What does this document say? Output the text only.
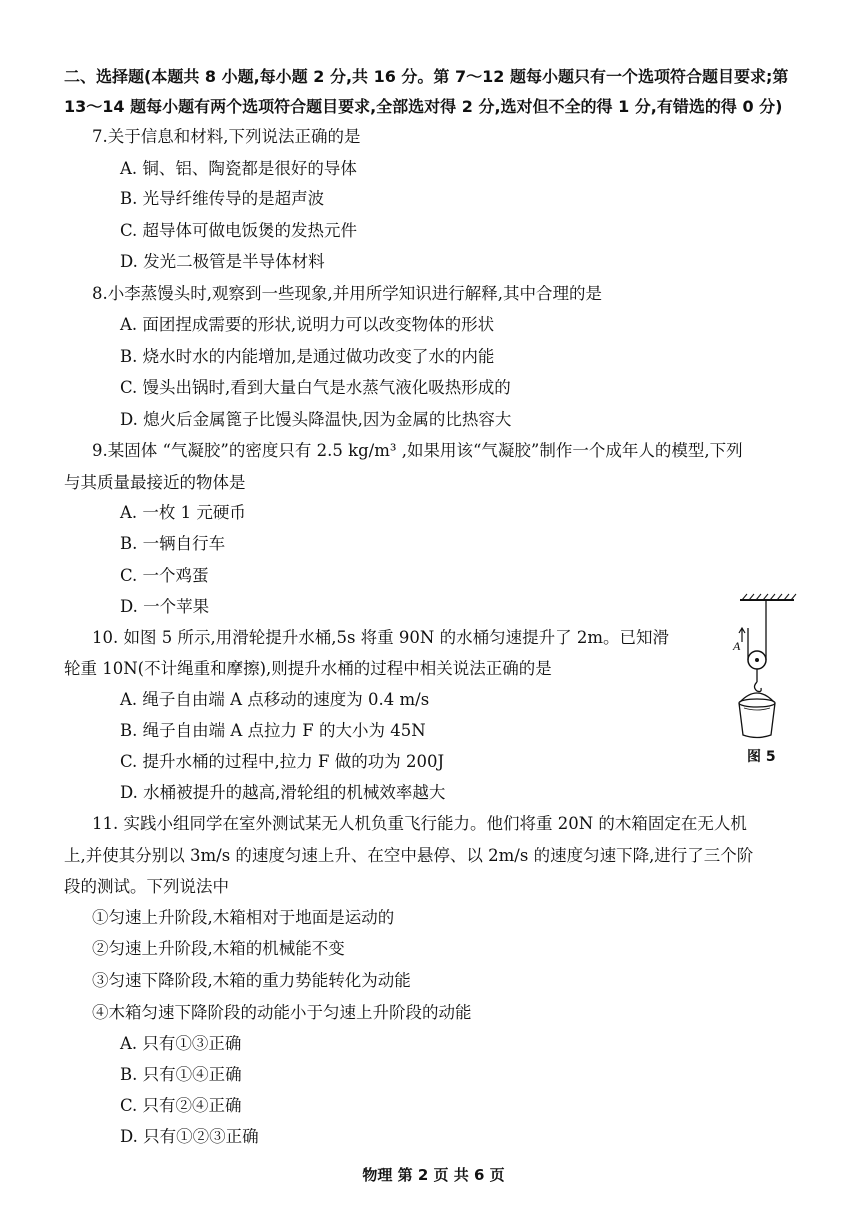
二、选择题(本题共 8 小题,每小题 2 分,共 16 分。第 7～12 题每小题只有一个选项符合题目要求;第
13～14 题每小题有两个选项符合题目要求,全部选对得 2 分,选对但不全的得 1 分,有错选的得 0 分)
7.关于信息和材料,下列说法正确的是
A. 铜、铝、陶瓷都是很好的导体
B. 光导纤维传导的是超声波
C. 超导体可做电饭煲的发热元件
D. 发光二极管是半导体材料
8.小李蒸馒头时,观察到一些现象,并用所学知识进行解释,其中合理的是
A. 面团捏成需要的形状,说明力可以改变物体的形状
B. 烧水时水的内能增加,是通过做功改变了水的内能
C. 馒头出锅时,看到大量白气是水蒸气液化吸热形成的
D. 熄火后金属篦子比馒头降温快,因为金属的比热容大
9.某固体 “气凝胶”的密度只有 2.5 kg/m³ ,如果用该“气凝胶”制作一个成年人的模型,下列
与其质量最接近的物体是
A. 一枚 1 元硬币
B. 一辆自行车
C. 一个鸡蛋
D. 一个苹果
10. 如图 5 所示,用滑轮提升水桶,5s 将重 90N 的水桶匀速提升了 2m。已知滑
轮重 10N(不计绳重和摩擦),则提升水桶的过程中相关说法正确的是
A. 绳子自由端 A 点移动的速度为 0.4 m/s
B. 绳子自由端 A 点拉力 F 的大小为 45N
C. 提升水桶的过程中,拉力 F 做的功为 200J
D. 水桶被提升的越高,滑轮组的机械效率越大
A
图 5
11. 实践小组同学在室外测试某无人机负重飞行能力。他们将重 20N 的木箱固定在无人机
上,并使其分别以 3m/s 的速度匀速上升、在空中悬停、以 2m/s 的速度匀速下降,进行了三个阶
段的测试。下列说法中
①匀速上升阶段,木箱相对于地面是运动的
②匀速上升阶段,木箱的机械能不变
③匀速下降阶段,木箱的重力势能转化为动能
④木箱匀速下降阶段的动能小于匀速上升阶段的动能
A. 只有①③正确
B. 只有①④正确
C. 只有②④正确
D. 只有①②③正确
物理 第 2 页 共 6 页
